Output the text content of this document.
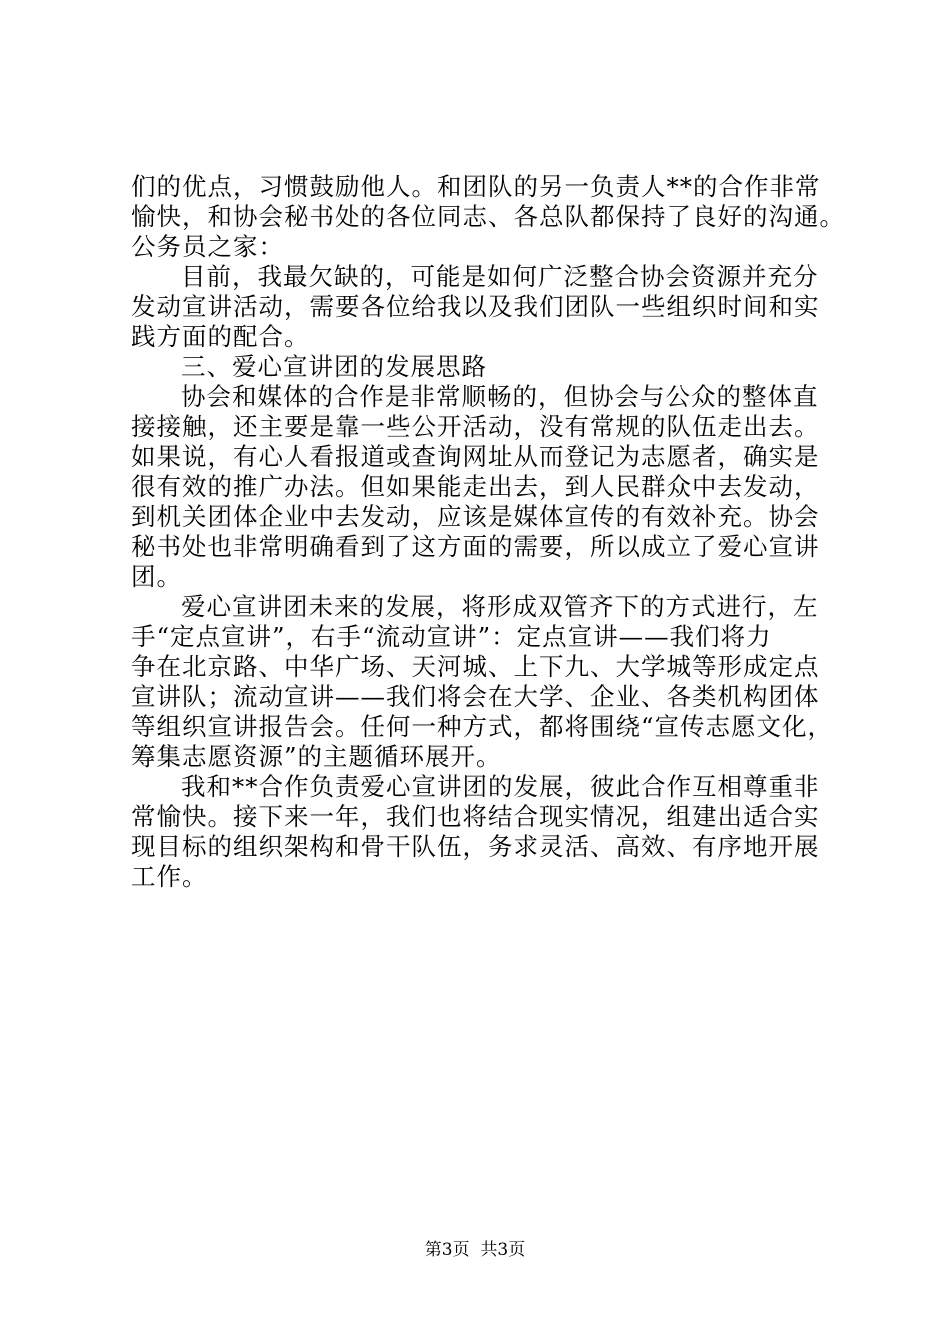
们的优点，习惯鼓励他人。和团队的另一负责人**的合作非常
愉快，和协会秘书处的各位同志、各总队都保持了良好的沟通。
公务员之家：
目前，我最欠缺的，可能是如何广泛整合协会资源并充分
发动宣讲活动，需要各位给我以及我们团队一些组织时间和实
践方面的配合。
三、爱心宣讲团的发展思路
协会和媒体的合作是非常顺畅的，但协会与公众的整体直
接接触，还主要是靠一些公开活动，没有常规的队伍走出去。
如果说，有心人看报道或查询网址从而登记为志愿者，确实是
很有效的推广办法。但如果能走出去，到人民群众中去发动，
到机关团体企业中去发动，应该是媒体宣传的有效补充。协会
秘书处也非常明确看到了这方面的需要，所以成立了爱心宣讲
团。
爱心宣讲团未来的发展，将形成双管齐下的方式进行，左
手“定点宣讲”，右手“流动宣讲”：定点宣讲——我们将力
争在北京路、中华广场、天河城、上下九、大学城等形成定点
宣讲队；流动宣讲——我们将会在大学、企业、各类机构团体
等组织宣讲报告会。任何一种方式，都将围绕“宣传志愿文化，
筹集志愿资源”的主题循环展开。
我和**合作负责爱心宣讲团的发展，彼此合作互相尊重非
常愉快。接下来一年，我们也将结合现实情况，组建出适合实
现目标的组织架构和骨干队伍，务求灵活、高效、有序地开展
工作。
第3页  共3页
